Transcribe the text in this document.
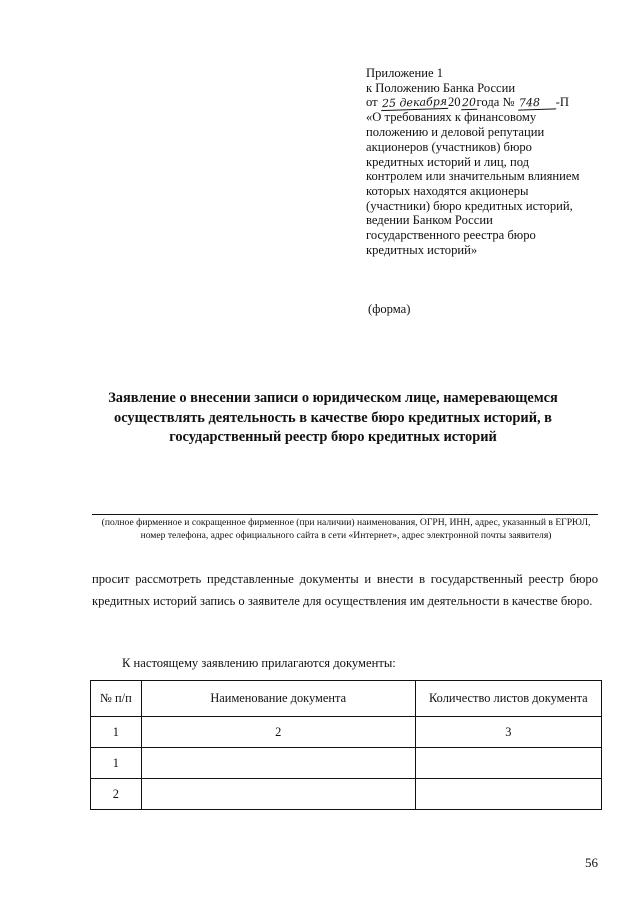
Приложение 1
к Положению Банка России
от 25 декабря2020года № 748 -П
«О требованиях к финансовому
положению и деловой репутации
акционеров (участников) бюро
кредитных историй и лиц, под
контролем или значительным влиянием
которых находятся акционеры
(участники) бюро кредитных историй,
ведении Банком России
государственного реестра бюро
кредитных историй»
(форма)
Заявление о внесении записи о юридическом лице, намеревающемся осуществлять деятельность в качестве бюро кредитных историй, в государственный реестр бюро кредитных историй
(полное фирменное и сокращенное фирменное (при наличии) наименования, ОГРН, ИНН, адрес, указанный в ЕГРЮЛ, номер телефона, адрес официального сайта в сети «Интернет», адрес электронной почты заявителя)
просит рассмотреть представленные документы и внести в государственный реестр бюро кредитных историй запись о заявителе для осуществления им деятельности в качестве бюро.
К настоящему заявлению прилагаются документы:
№ п/п	Наименование документа	Количество листов документа
1	2	3
1		
2		
56
